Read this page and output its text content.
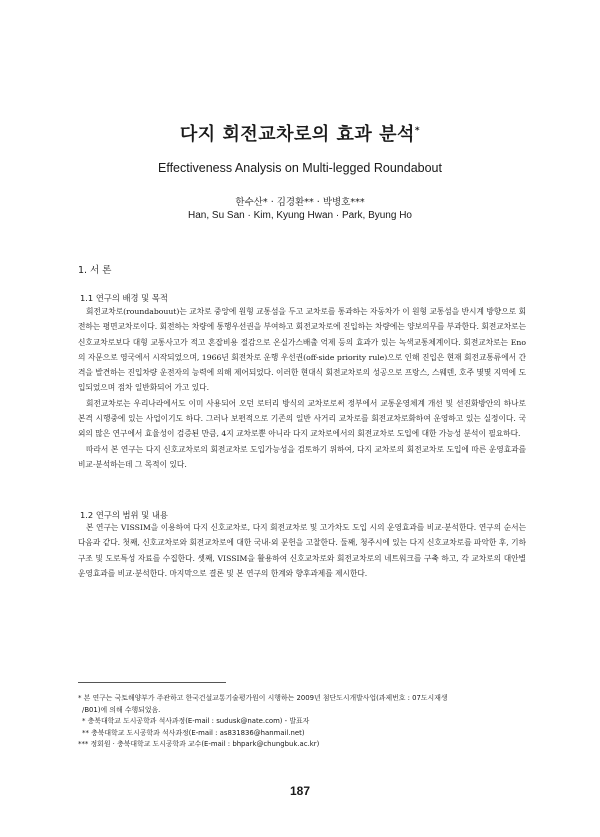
다지 회전교차로의 효과 분석*
Effectiveness Analysis on Multi-legged Roundabout
한수산* · 김경환** · 박병호***
Han, Su San · Kim, Kyung Hwan · Park, Byung Ho
1. 서 론
1.1 연구의 배경 및 목적

회전교차로(roundabouut)는 교차로 중앙에 원형 교통섬을 두고 교차로를 통과하는 자동차가 이 원형 교통섬을 반시계 방향으로 회전하는 평면교차로이다. 회전하는 차량에 통행우선권을 부여하고 회전교차로에 진입하는 차량에는 양보의무를 부과한다. 회전교차로는 신호교차로보다 대형 교통사고가 적고 혼잡비용 절감으로 온실가스배출 억제 등의 효과가 있는 녹색교통체계이다. 회전교차로는 Eno의 자문으로 영국에서 시작되었으며, 1966년 회전차로 운행 우선권(off-side priority rule)으로 인해 진입은 현재 회전교통류에서 간격을 발견하는 진입차량 운전자의 능력에 의해 제어되었다. 이러한 현대식 회전교차로의 성공으로 프랑스, 스웨덴, 호주 몇몇 지역에 도입되었으며 점차 일반화되어 가고 있다.

회전교차로는 우리나라에서도 이미 사용되어 오던 로터리 방식의 교차로로써 정부에서 교통운영체계 개선 및 선진화방안의 하나로 본격 시행중에 있는 사업이기도 하다. 그러나 보편적으로 기존의 일반 사거리 교차로를 회전교차로화하여 운영하고 있는 실정이다. 국외의 많은 연구에서 효율성이 검증된 만큼, 4지 교차로뿐 아니라 다지 교차로에서의 회전교차로 도입에 대한 가능성 분석이 필요하다.

따라서 본 연구는 다지 신호교차로의 회전교차로 도입가능성을 검토하기 위하여, 다지 교차로의 회전교차로 도입에 따른 운영효과를 비교·분석하는데 그 목적이 있다.

1.2 연구의 범위 및 내용

본 연구는 VISSIM을 이용하여 다지 신호교차로, 다지 회전교차로 및 고가차도 도입 시의 운영효과를 비교·분석한다. 연구의 순서는 다음과 같다. 첫째, 신호교차로와 회전교차로에 대한 국내·외 문헌을 고찰한다. 둘째, 청주시에 있는 다지 신호교차로를 파악한 후, 기하구조 및 도로특성 자료를 수집한다. 셋째, VISSIM을 활용하여 신호교차로와 회전교차로의 네트워크를 구축 하고, 각 교차로의 대안별 운영효과를 비교·분석한다. 마지막으로 결론 및 본 연구의 한계와 향후과제를 제시한다.

* 본 연구는 국토해양부가 주관하고 한국건설교통기술평가원이 시행하는 2009년 첨단도시개발사업(과제번호 : 07도시재생
/B01)에 의해 수행되었음.
* 충북대학교 도시공학과 석사과정(E-mail : sudusk@nate.com) - 발표자
** 충북대학교 도시공학과 석사과정(E-mail : as831836@hanmail.net)
*** 정회원 · 충북대학교 도시공학과 교수(E-mail : bhpark@chungbuk.ac.kr)
187
